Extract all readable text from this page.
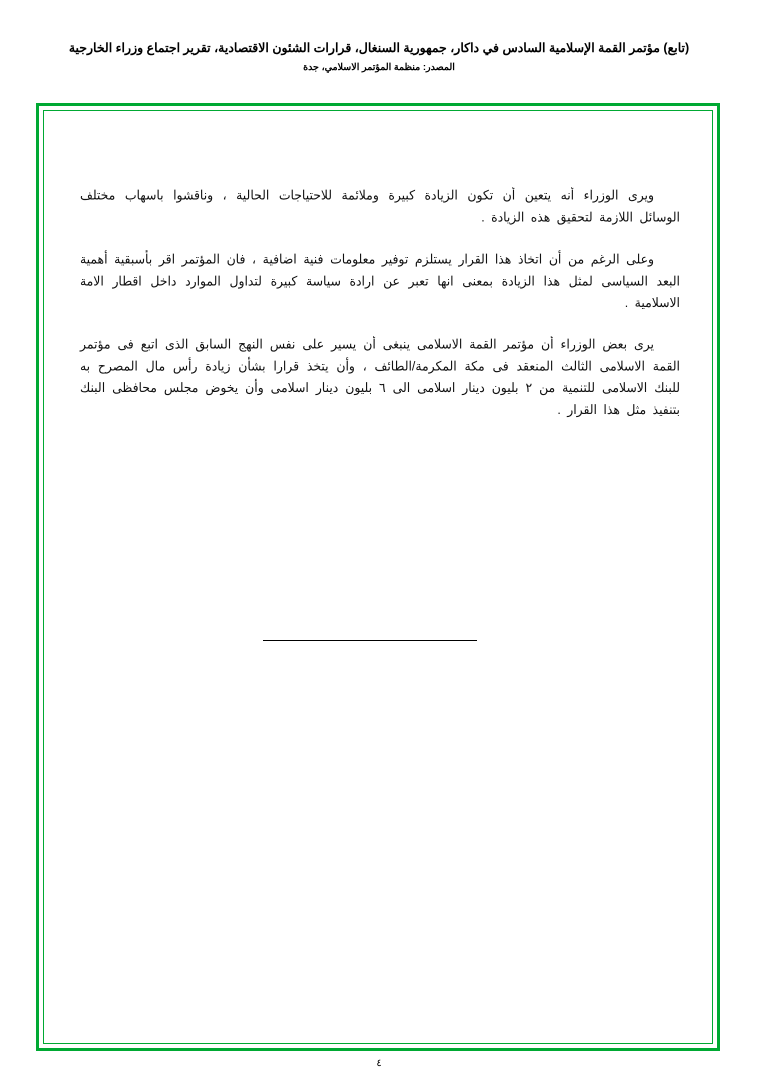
(تابع) مؤتمر القمة الإسلامية السادس في داكار، جمهورية السنغال، قرارات الشئون الاقتصادية، تقرير اجتماع وزراء الخارجية
المصدر: منظمة المؤتمر الاسلامي، جدة

ويرى الوزراء أنه يتعين أن تكون الزيادة كبيرة وملائمة للاحتياجات الحالية ، وناقشوا باسهاب مختلف الوسائل اللازمة لتحقيق هذه الزيادة .

وعلى الرغم من أن اتخاذ هذا القرار يستلزم توفير معلومات فنية اضافية ، فان المؤتمر اقر بأسبقية أهمية البعد السياسى لمثل هذا الزيادة بمعنى انها تعبر عن ارادة سياسة كبيرة لتداول الموارد داخل اقطار الامة الاسلامية .

يرى بعض الوزراء أن مؤتمر القمة الاسلامى ينبغى أن يسير على نفس النهج السابق الذى اتبع فى مؤتمر القمة الاسلامى الثالث المنعقد فى مكة المكرمة/الطائف ، وأن يتخذ قرارا بشأن زيادة رأس مال المصرح به للبنك الاسلامى للتنمية من ٢ بليون دينار اسلامى الى ٦ بليون دينار اسلامى وأن يخوض مجلس محافظى البنك بتنفيذ مثل هذا القرار .

٤
